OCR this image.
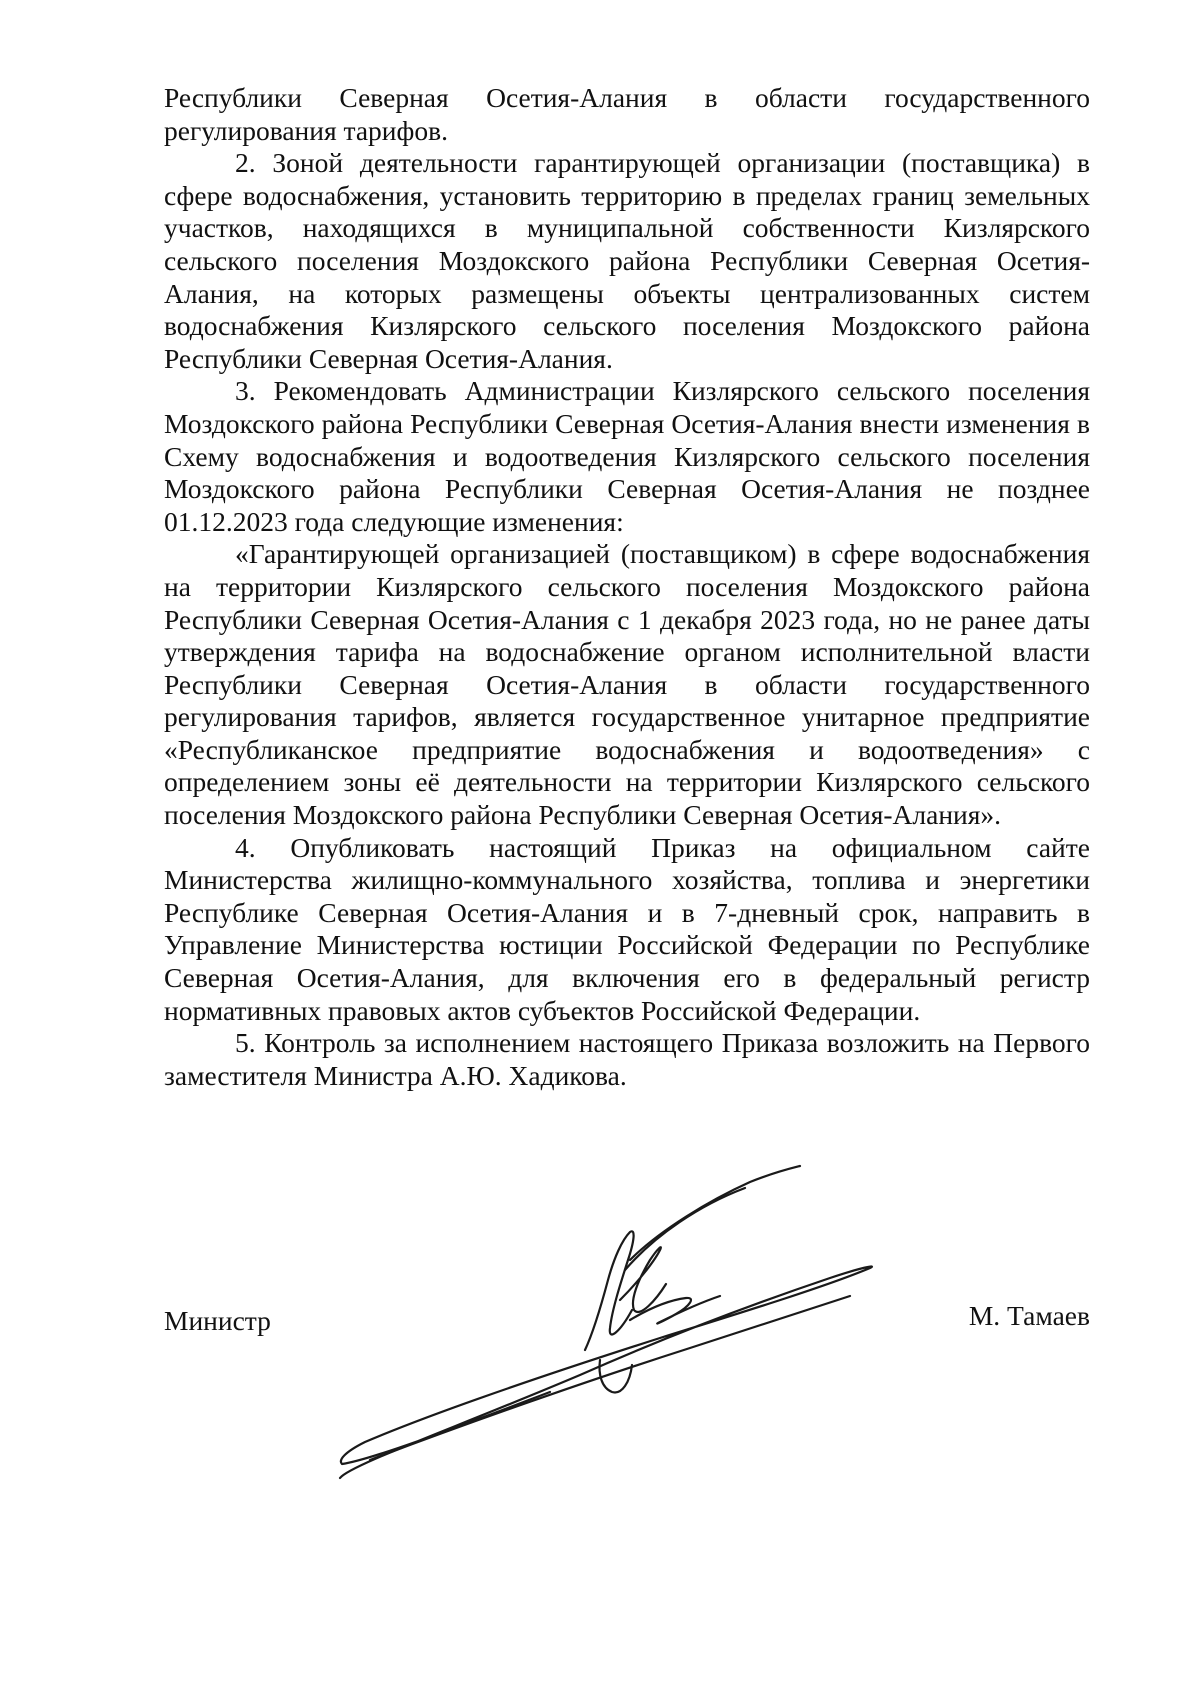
Республики Северная Осетия-Алания в области государственного регулирования тарифов.

2. Зоной деятельности гарантирующей организации (поставщика) в сфере водоснабжения, установить территорию в пределах границ земельных участков, находящихся в муниципальной собственности Кизлярского сельского поселения Моздокского района Республики Северная Осетия-Алания, на которых размещены объекты централизованных систем водоснабжения Кизлярского сельского поселения Моздокского района Республики Северная Осетия-Алания.

3. Рекомендовать Администрации Кизлярского сельского поселения Моздокского района Республики Северная Осетия-Алания внести изменения в Схему водоснабжения и водоотведения Кизлярского сельского поселения Моздокского района Республики Северная Осетия-Алания не позднее 01.12.2023 года следующие изменения:

«Гарантирующей организацией (поставщиком) в сфере водоснабжения на территории Кизлярского сельского поселения Моздокского района Республики Северная Осетия-Алания с 1 декабря 2023 года, но не ранее даты утверждения тарифа на водоснабжение органом исполнительной власти Республики Северная Осетия-Алания в области государственного регулирования тарифов, является государственное унитарное предприятие «Республиканское предприятие водоснабжения и водоотведения» с определением зоны её деятельности на территории Кизлярского сельского поселения Моздокского района Республики Северная Осетия-Алания».

4. Опубликовать настоящий Приказ на официальном сайте Министерства жилищно-коммунального хозяйства, топлива и энергетики Республике Северная Осетия-Алания и в 7-дневный срок, направить в Управление Министерства юстиции Российской Федерации по Республике Северная Осетия-Алания, для включения его в федеральный регистр нормативных правовых актов субъектов Российской Федерации.

5. Контроль за исполнением настоящего Приказа возложить на Первого заместителя Министра А.Ю. Хадикова.

Министр	М. Тамаев
